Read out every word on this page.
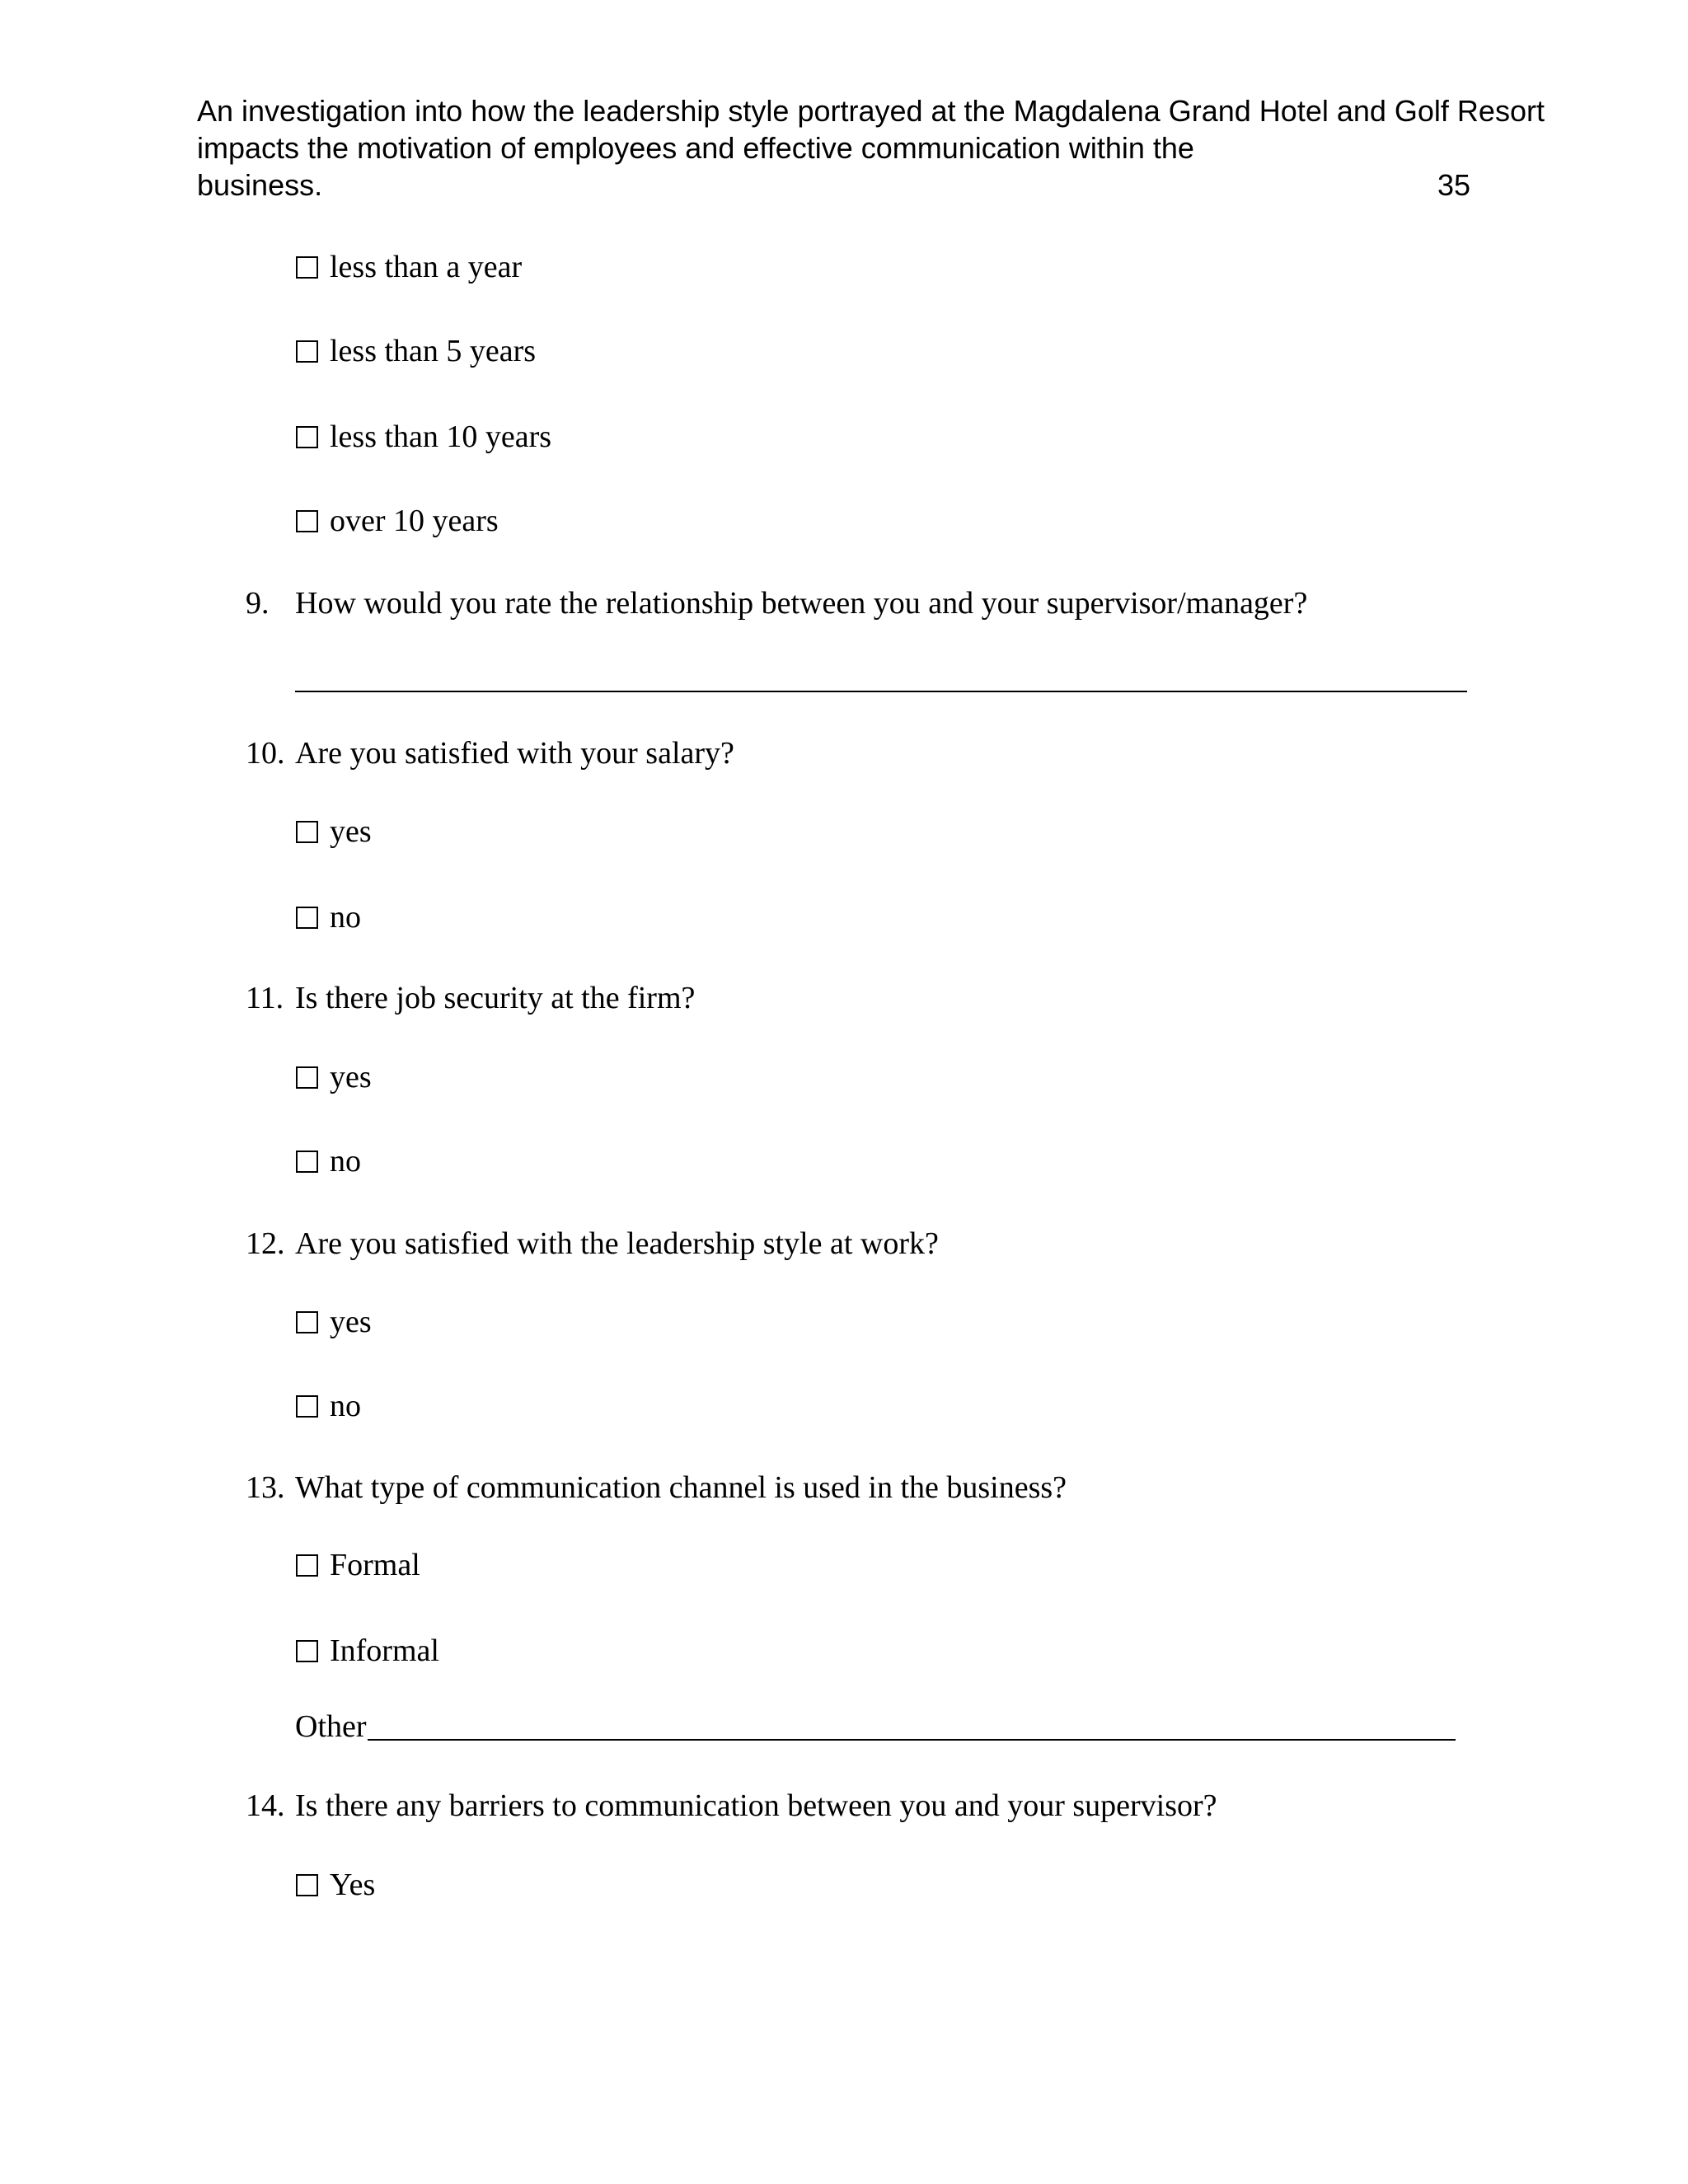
An investigation into how the leadership style portrayed at the Magdalena Grand Hotel and Golf Resort
impacts the motivation of employees and effective communication within the
business.	35
less than a year
less than 5 years
less than 10 years
over 10 years
9. How would you rate the relationship between you and your supervisor/manager?
10. Are you satisfied with your salary?
yes
no
11. Is there job security at the firm?
yes
no
12. Are you satisfied with the leadership style at work?
yes
no
13. What type of communication channel is used in the business?
Formal
Informal
Other
14. Is there any barriers to communication between you and your supervisor?
Yes
